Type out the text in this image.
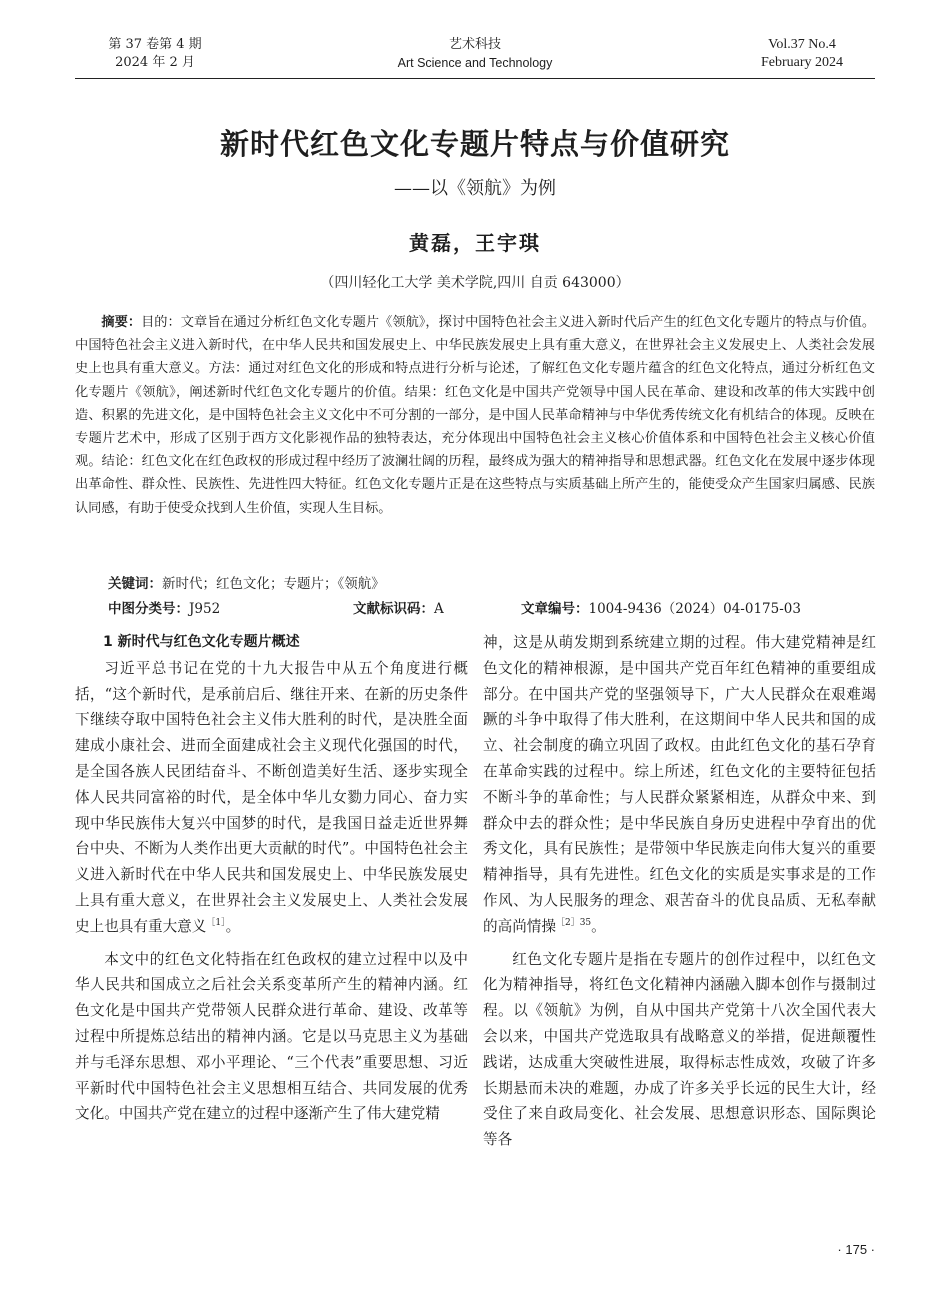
第 37 卷第 4 期
2024 年 2 月
艺术科技
Art Science and Technology
Vol.37 No.4
February 2024
新时代红色文化专题片特点与价值研究
——以《领航》为例
黄磊，王宇琪
（四川轻化工大学 美术学院,四川 自贡 643000）
摘要：目的：文章旨在通过分析红色文化专题片《领航》，探讨中国特色社会主义进入新时代后产生的红色文化专题片的特点与价值。中国特色社会主义进入新时代，在中华人民共和国发展史上、中华民族发展史上具有重大意义，在世界社会主义发展史上、人类社会发展史上也具有重大意义。方法：通过对红色文化的形成和特点进行分析与论述，了解红色文化专题片蕴含的红色文化特点，通过分析红色文化专题片《领航》，阐述新时代红色文化专题片的价值。结果：红色文化是中国共产党领导中国人民在革命、建设和改革的伟大实践中创造、积累的先进文化，是中国特色社会主义文化中不可分割的一部分，是中国人民革命精神与中华优秀传统文化有机结合的体现。反映在专题片艺术中，形成了区别于西方文化影视作品的独特表达，充分体现出中国特色社会主义核心价值体系和中国特色社会主义核心价值观。结论：红色文化在红色政权的形成过程中经历了波澜壮阔的历程，最终成为强大的精神指导和思想武器。红色文化在发展中逐步体现出革命性、群众性、民族性、先进性四大特征。红色文化专题片正是在这些特点与实质基础上所产生的，能使受众产生国家归属感、民族认同感，有助于使受众找到人生价值，实现人生目标。
关键词：新时代；红色文化；专题片；《领航》
中图分类号：J952	文献标识码：A	文章编号：1004-9436（2024）04-0175-03

1 新时代与红色文化专题片概述

习近平总书记在党的十九大报告中从五个角度进行概括，“这个新时代，是承前启后、继往开来、在新的历史条件下继续夺取中国特色社会主义伟大胜利的时代，是决胜全面建成小康社会、进而全面建成社会主义现代化强国的时代，是全国各族人民团结奋斗、不断创造美好生活、逐步实现全体人民共同富裕的时代，是全体中华儿女勠力同心、奋力实现中华民族伟大复兴中国梦的时代，是我国日益走近世界舞台中央、不断为人类作出更大贡献的时代”。中国特色社会主义进入新时代在中华人民共和国发展史上、中华民族发展史上具有重大意义，在世界社会主义发展史上、人类社会发展史上也具有重大意义$^{[1]}$。

本文中的红色文化特指在红色政权的建立过程中以及中华人民共和国成立之后社会关系变革所产生的精神内涵。红色文化是中国共产党带领人民群众进行革命、建设、改革等过程中所提炼总结出的精神内涵。它是以马克思主义为基础并与毛泽东思想、邓小平理论、“三个代表”重要思想、习近平新时代中国特色社会主义思想相互结合、共同发展的优秀文化。中国共产党在建立的过程中逐渐产生了伟大建党精

神，这是从萌发期到系统建立期的过程。伟大建党精神是红色文化的精神根源，是中国共产党百年红色精神的重要组成部分。在中国共产党的坚强领导下，广大人民群众在艰难竭蹶的斗争中取得了伟大胜利，在这期间中华人民共和国的成立、社会制度的确立巩固了政权。由此红色文化的基石孕育在革命实践的过程中。综上所述，红色文化的主要特征包括不断斗争的革命性；与人民群众紧紧相连，从群众中来、到群众中去的群众性；是中华民族自身历史进程中孕育出的优秀文化，具有民族性；是带领中华民族走向伟大复兴的重要精神指导，具有先进性。红色文化的实质是实事求是的工作作风、为人民服务的理念、艰苦奋斗的优良品质、无私奉献的高尚情操$^{[2]35}$。

红色文化专题片是指在专题片的创作过程中，以红色文化为精神指导，将红色文化精神内涵融入脚本创作与摄制过程。以《领航》为例，自从中国共产党第十八次全国代表大会以来，中国共产党选取具有战略意义的举措，促进颠覆性践诺，达成重大突破性进展，取得标志性成效，攻破了许多长期悬而未决的难题，办成了许多关乎长远的民生大计，经受住了来自政局变化、社会发展、思想意识形态、国际舆论等各

· 175 ·
